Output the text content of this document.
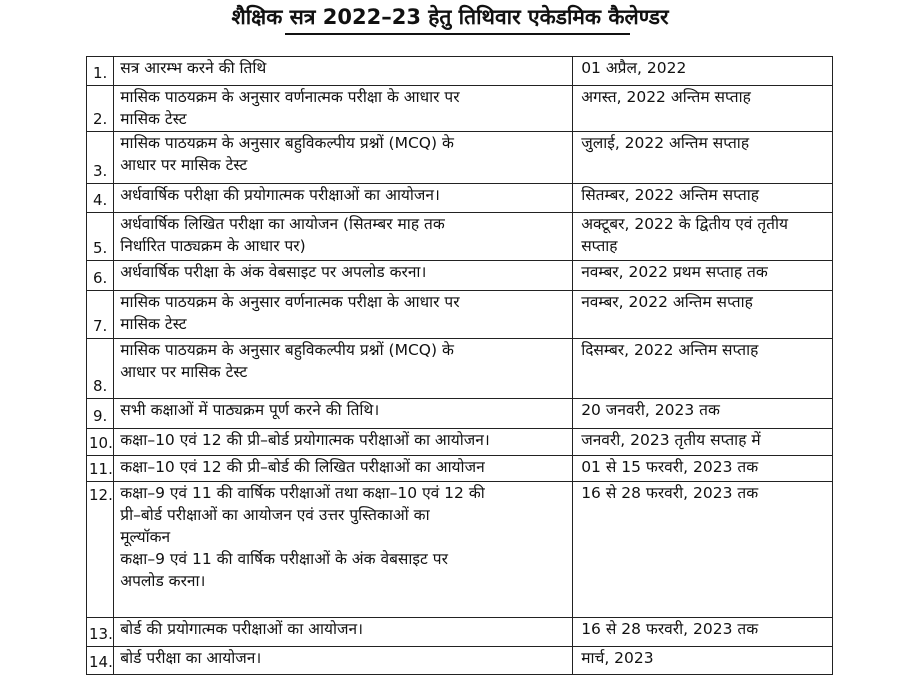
शैक्षिक सत्र 2022–23 हेतु तिथिवार एकेडमिक कैलेण्डर
1.	सत्र आरम्भ करने की तिथि	01 अप्रैल, 2022
2.	मासिक पाठयक्रम के अनुसार वर्णनात्मक परीक्षा के आधार पर
मासिक टेस्ट	अगस्त, 2022 अन्तिम सप्ताह
3.	मासिक पाठयक्रम के अनुसार बहुविकल्पीय प्रश्नों (MCQ) के
आधार पर मासिक टेस्ट	जुलाई, 2022 अन्तिम सप्ताह
4.	अर्धवार्षिक परीक्षा की प्रयोगात्मक परीक्षाओं का आयोजन।	सितम्बर, 2022 अन्तिम सप्ताह
5.	अर्धवार्षिक लिखित परीक्षा का आयोजन (सितम्बर माह तक
निर्धारित पाठ्यक्रम के आधार पर)	अक्टूबर, 2022 के द्वितीय एवं तृतीय
सप्ताह
6.	अर्धवार्षिक परीक्षा के अंक वेबसाइट पर अपलोड करना।	नवम्बर, 2022 प्रथम सप्ताह तक
7.	मासिक पाठयक्रम के अनुसार वर्णनात्मक परीक्षा के आधार पर
मासिक टेस्ट	नवम्बर, 2022 अन्तिम सप्ताह
8.	मासिक पाठयक्रम के अनुसार बहुविकल्पीय प्रश्नों (MCQ) के
आधार पर मासिक टेस्ट	दिसम्बर, 2022 अन्तिम सप्ताह
9.	सभी कक्षाओं में पाठ्यक्रम पूर्ण करने की तिथि।	20 जनवरी, 2023 तक
10.	कक्षा–10 एवं 12 की प्री–बोर्ड प्रयोगात्मक परीक्षाओं का आयोजन।	जनवरी, 2023 तृतीय सप्ताह में
11.	कक्षा–10 एवं 12 की प्री–बोर्ड की लिखित परीक्षाओं का आयोजन	01 से 15 फरवरी, 2023 तक
12.	कक्षा–9 एवं 11 की वार्षिक परीक्षाओं तथा कक्षा–10 एवं 12 की
प्री–बोर्ड परीक्षाओं का आयोजन एवं उत्तर पुस्तिकाओं का
मूल्यॉकन
कक्षा–9 एवं 11 की वार्षिक परीक्षाओं के अंक वेबसाइट पर
अपलोड करना।	16 से 28 फरवरी, 2023 तक
13.	बोर्ड की प्रयोगात्मक परीक्षाओं का आयोजन।	16 से 28 फरवरी, 2023 तक
14.	बोर्ड परीक्षा का आयोजन।	मार्च, 2023
